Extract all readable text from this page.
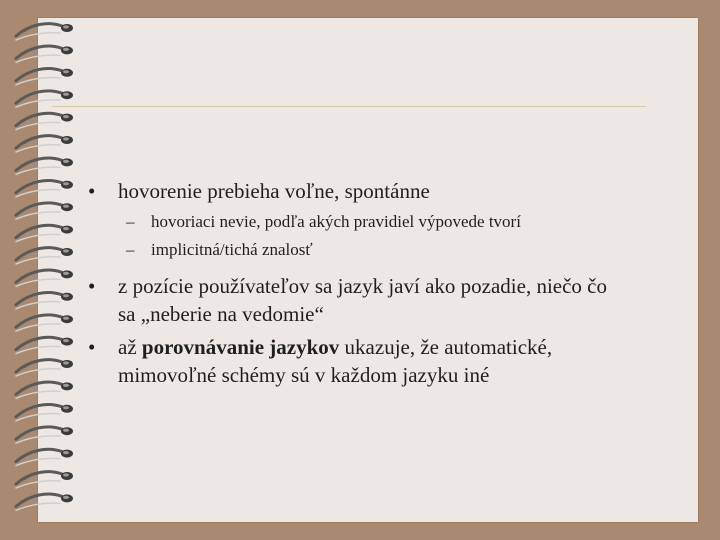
• hovorenie prebieha voľne, spontánne
– hovoriaci nevie, podľa akých pravidiel výpovede tvorí
– implicitná/tichá znalosť
• z pozície používateľov sa jazyk javí ako pozadie, niečo čo
sa „neberie na vedomie“
• až porovnávanie jazykov ukazuje, že automatické,
mimovoľné schémy sú v každom jazyku iné
